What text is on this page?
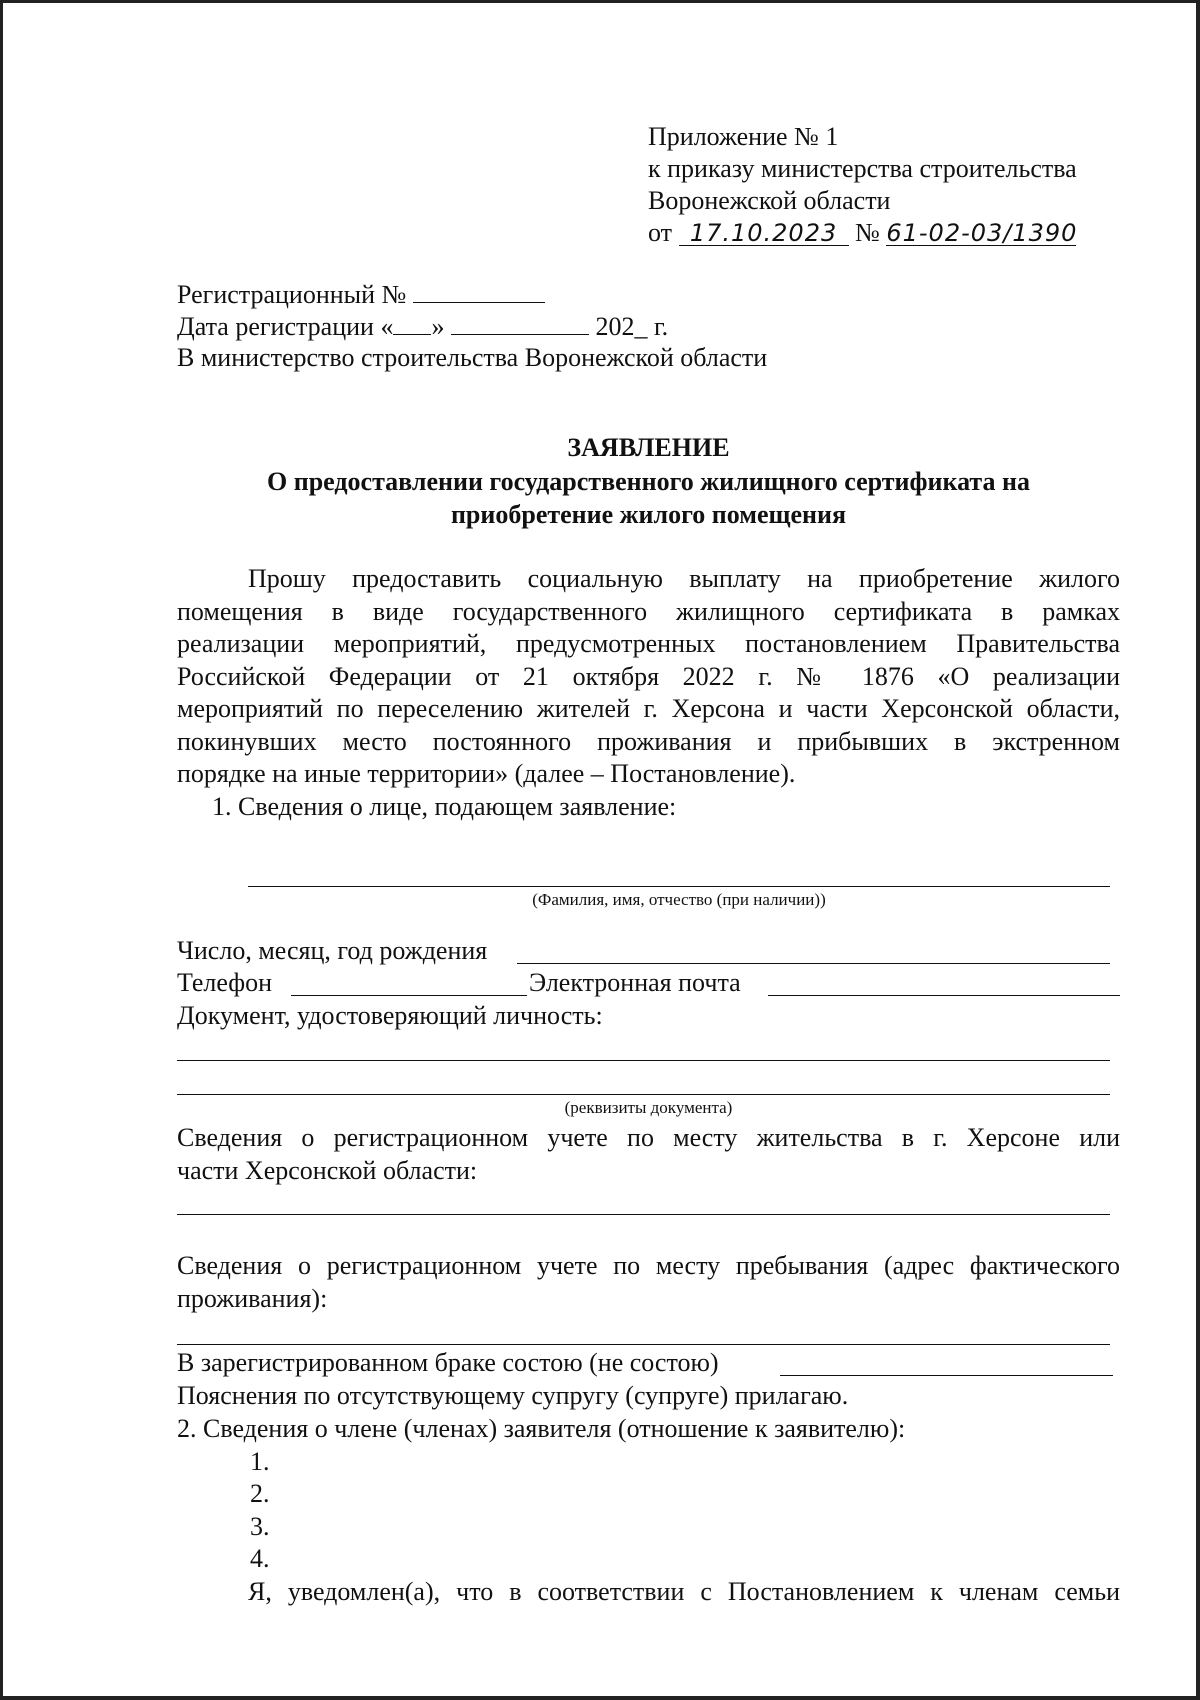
Приложение № 1
к приказу министерства строительства
Воронежской области
от 17.10.2023 № 61-02-03/1390
Регистрационный №
Дата регистрации « »	202_ г.
В министерство строительства Воронежской области
ЗАЯВЛЕНИЕ
О предоставлении государственного жилищного сертификата на
приобретение жилого помещения
Прошу предоставить социальную выплату на приобретение жилого
помещения в виде государственного жилищного сертификата в рамках
реализации мероприятий, предусмотренных постановлением Правительства
Российской Федерации от 21 октября 2022 г. № 1876 «О реализации
мероприятий по переселению жителей г. Херсона и части Херсонской области,
покинувших место постоянного проживания и прибывших в экстренном
порядке на иные территории» (далее – Постановление).
1. Сведения о лице, подающем заявление:
(Фамилия, имя, отчество (при наличии))
Число, месяц, год рождения
Телефон	Электронная почта
Документ, удостоверяющий личность:
(реквизиты документа)
Сведения о регистрационном учете по месту жительства в г. Херсоне или
части Херсонской области:
Сведения о регистрационном учете по месту пребывания (адрес фактического
проживания):
В зарегистрированном браке состою (не состою)
Пояснения по отсутствующему супругу (супруге) прилагаю.
2. Сведения о члене (членах) заявителя (отношение к заявителю):
1.
2.
3.
4.
Я, уведомлен(а), что в соответствии с Постановлением к членам семьи
